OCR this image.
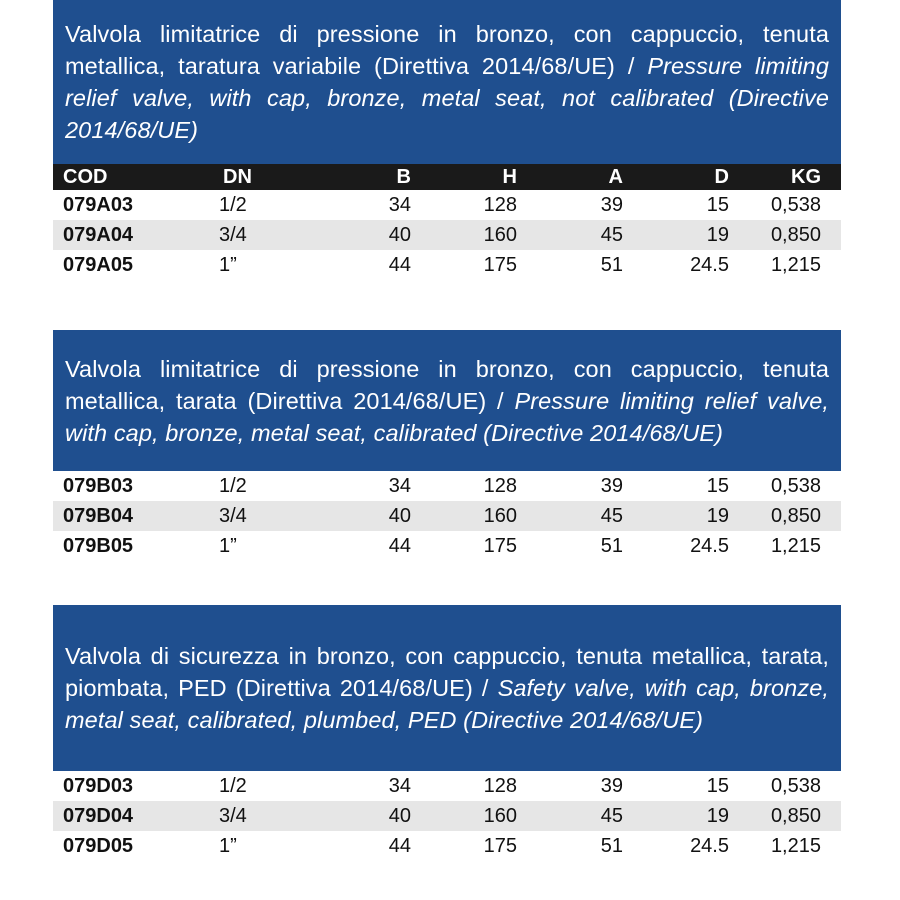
Valvola limitatrice di pressione in bronzo, con cappuccio, tenuta metallica, taratura variabile (Direttiva 2014/68/UE) / Pressure limiting relief valve, with cap, bronze, metal seat, not calibrated (Directive 2014/68/UE)

COD	DN	B	H	A	D	KG
079A03	1/2	34	128	39	15	0,538
079A04	3/4	40	160	45	19	0,850
079A05	1”	44	175	51	24.5	1,215

Valvola limitatrice di pressione in bronzo, con cappuccio, tenuta metallica, tarata (Direttiva 2014/68/UE) / Pressure limiting relief valve, with cap, bronze, metal seat, calibrated (Directive 2014/68/UE)

079B03	1/2	34	128	39	15	0,538
079B04	3/4	40	160	45	19	0,850
079B05	1”	44	175	51	24.5	1,215

Valvola di sicurezza in bronzo, con cappuccio, tenuta metallica, tarata, piombata, PED (Direttiva 2014/68/UE) / Safety valve, with cap, bronze, metal seat, calibrated, plumbed, PED (Directive 2014/68/UE)

079D03	1/2	34	128	39	15	0,538
079D04	3/4	40	160	45	19	0,850
079D05	1”	44	175	51	24.5	1,215
